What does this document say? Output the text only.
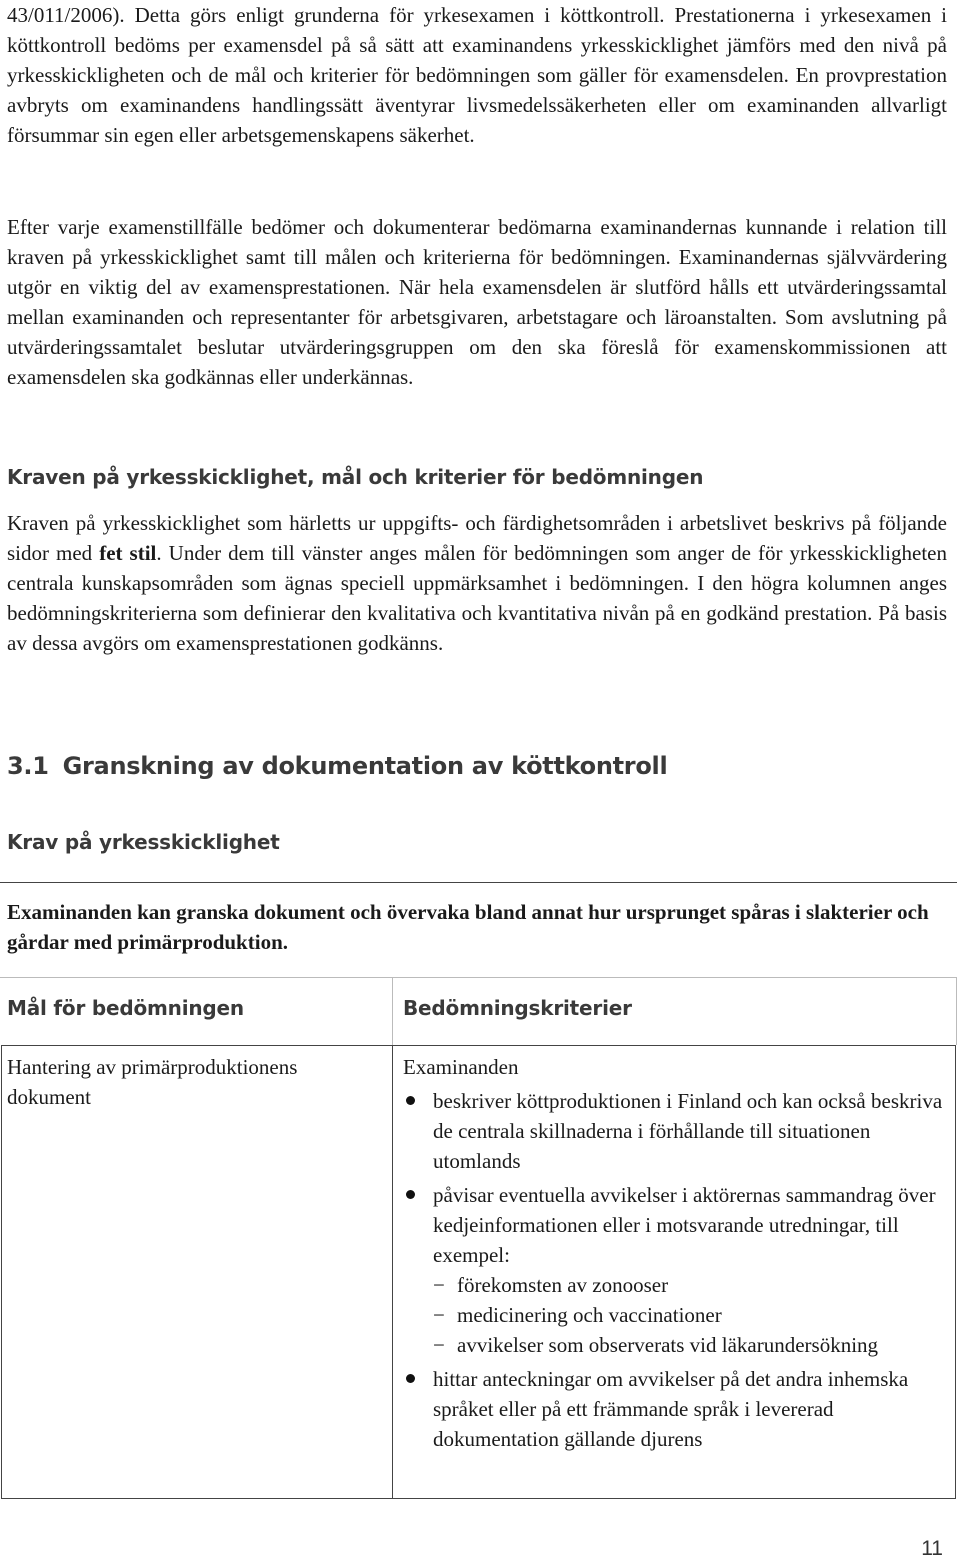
43/011/2006). Detta görs enligt grunderna för yrkesexamen i köttkontroll. Prestationerna i yrkesexamen i köttkontroll bedöms per examensdel på så sätt att examinandens yrkesskicklighet jämförs med den nivå på yrkesskickligheten och de mål och kriterier för bedömningen som gäller för examensdelen. En provprestation avbryts om examinandens handlingssätt äventyrar livsmedelssäkerheten eller om examinanden allvarligt försummar sin egen eller arbetsgemenskapens säkerhet.

Efter varje examenstillfälle bedömer och dokumenterar bedömarna examinandernas kunnande i relation till kraven på yrkesskicklighet samt till målen och kriterierna för bedömningen. Examinandernas självvärdering utgör en viktig del av examensprestationen. När hela examensdelen är slutförd hålls ett utvärderingssamtal mellan examinanden och representanter för arbetsgivaren, arbetstagare och läroanstalten. Som avslutning på utvärderingssamtalet beslutar utvärderingsgruppen om den ska föreslå för examenskommissionen att examensdelen ska godkännas eller underkännas.

Kraven på yrkesskicklighet, mål och kriterier för bedömningen

Kraven på yrkesskicklighet som härletts ur uppgifts- och färdighetsområden i arbetslivet beskrivs på följande sidor med fet stil. Under dem till vänster anges målen för bedömningen som anger de för yrkesskickligheten centrala kunskapsområden som ägnas speciell uppmärksamhet i bedömningen. I den högra kolumnen anges bedömningskriterierna som definierar den kvalitativa och kvantitativa nivån på en godkänd prestation. På basis av dessa avgörs om examensprestationen godkänns.

3.1 Granskning av dokumentation av köttkontroll
Krav på yrkesskicklighet

Examinanden kan granska dokument och övervaka bland annat hur ursprunget spåras i slakterier och gårdar med primärproduktion.

Mål för bedömningen	Bedömningskriterier

Hantering av primärproduktionens dokument

Examinanden

beskriver köttproduktionen i Finland och kan också beskriva de centrala skillnaderna i förhållande till situationen utomlands
påvisar eventuella avvikelser i aktörernas sammandrag över kedjeinformationen eller i motsvarande utredningar, till exempel:
− förekomsten av zonooser
− medicinering och vaccinationer
− avvikelser som observerats vid läkarundersökning
hittar anteckningar om avvikelser på det andra inhemska språket eller på ett främmande språk i levererad dokumentation gällande djurens
11
